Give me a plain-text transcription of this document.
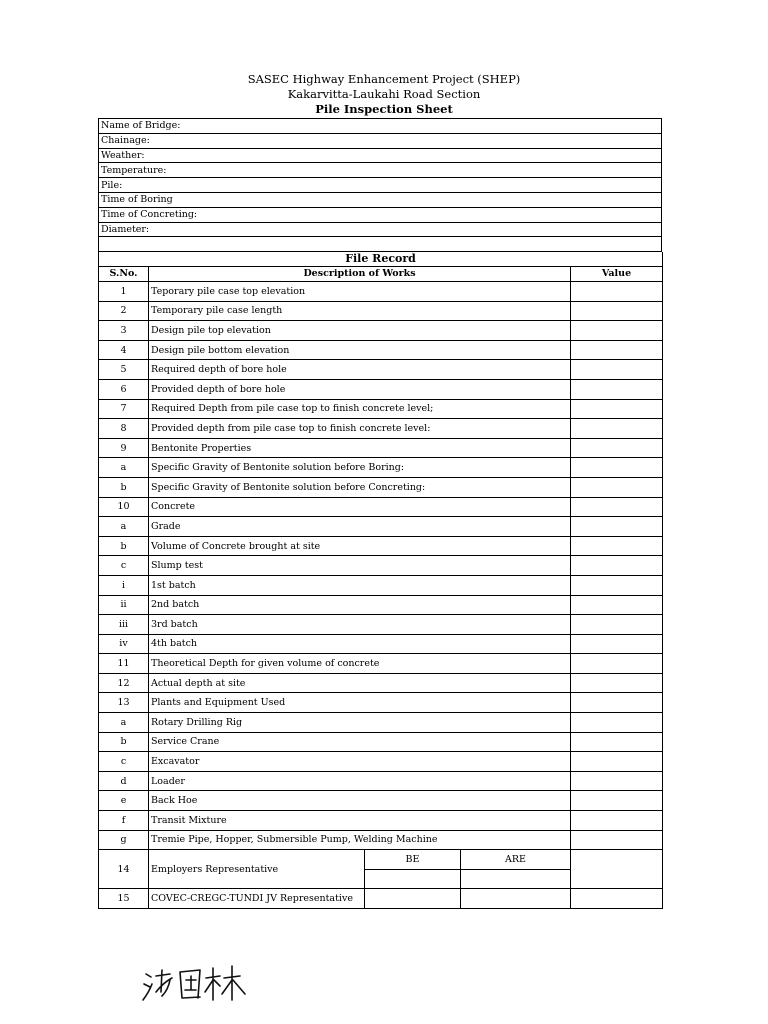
SASEC Highway Enhancement Project (SHEP)
Kakarvitta-Laukahi Road Section
Pile Inspection Sheet
Name of Bridge:
Chainage:
Weather:
Temperature:
Pile:
Time of Boring
Time of Concreting:
Diameter:

File Record				
S.No.	Description of Works			Value
1	Teporary pile case top elevation			
2	Temporary pile case length			
3	Design pile top elevation			
4	Design pile bottom elevation			
5	Required depth of bore hole			
6	Provided depth of bore hole			
7	Required Depth from pile case top to finish concrete level;			
8	Provided depth from pile case top to finish concrete level:			
9	Bentonite Properties			
a	Specific Gravity of Bentonite solution before Boring:			
b	Specific Gravity of Bentonite solution before Concreting:			
10	Concrete			
a	Grade			
b	Volume of Concrete brought at site			
c	Slump test			
i	1st batch			
ii	2nd batch			
iii	3rd batch			
iv	4th batch			
11	Theoretical Depth for given volume of concrete			
12	Actual depth at site			
13	Plants and Equipment Used			
a	Rotary Drilling Rig			
b	Service Crane			
c	Excavator			
d	Loader			
e	Back Hoe			
f	Transit Mixture			
g	Tremie Pipe, Hopper, Submersible Pump, Welding Machine			
14	Employers Representative	BE	ARE	

15	COVEC-CREGC-TUNDI JV Representative			
